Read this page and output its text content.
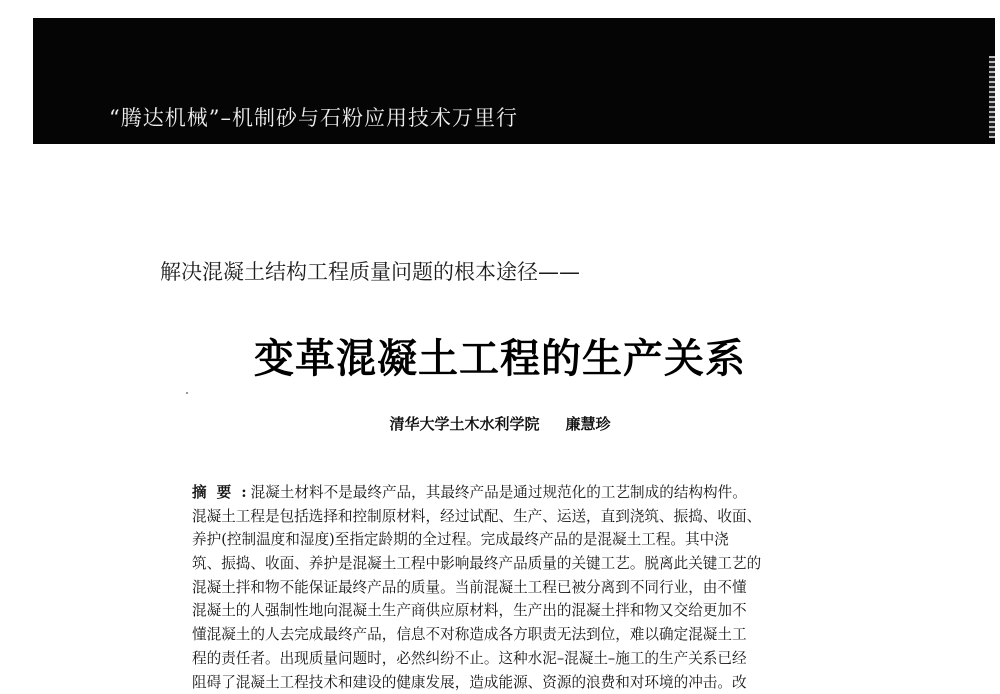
“腾达机械”–机制砂与石粉应用技术万里行
解决混凝土结构工程质量问题的根本途径——
变革混凝土工程的生产关系
清华大学土木水利学院 廉慧珍
摘要: 混凝土材料不是最终产品，其最终产品是通过规范化的工艺制成的结构构件。
混凝土工程是包括选择和控制原材料，经过试配、生产、运送，直到浇筑、振捣、收面、
养护(控制温度和湿度)至指定龄期的全过程。完成最终产品的是混凝土工程。其中浇
筑、振捣、收面、养护是混凝土工程中影响最终产品质量的关键工艺。脱离此关键工艺的
混凝土拌和物不能保证最终产品的质量。当前混凝土工程已被分离到不同行业，由不懂
混凝土的人强制性地向混凝土生产商供应原材料，生产出的混凝土拌和物又交给更加不
懂混凝土的人去完成最终产品，信息不对称造成各方职责无法到位，难以确定混凝土工
程的责任者。出现质量问题时，必然纠纷不止。这种水泥–混凝土–施工的生产关系已经
阻碍了混凝土工程技术和建设的健康发展，造成能源、资源的浪费和对环境的冲击。改
